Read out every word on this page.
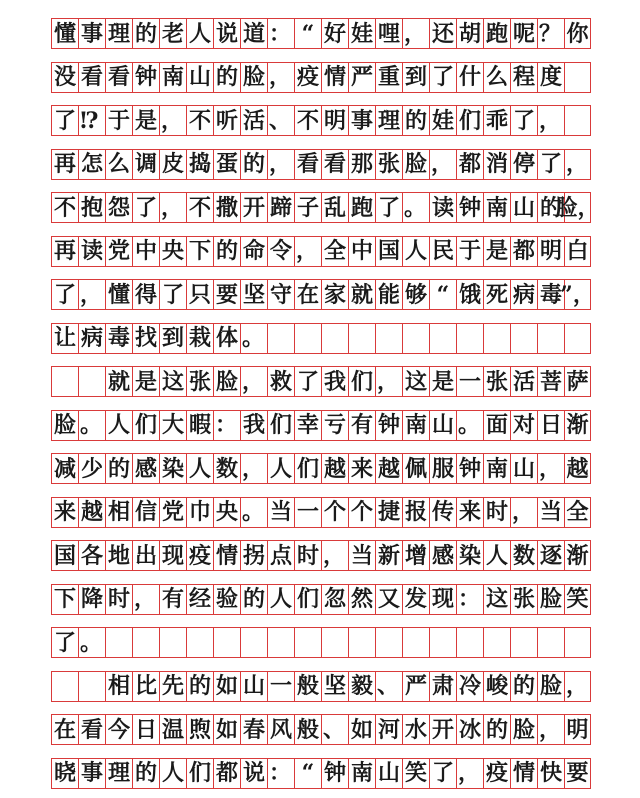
懂 事 理 的 老 人 说 道 ： “ 好 娃 哩 ， 还 胡 跑 呢 ？ 你
没 看 看 钟 南 山 的 脸 ， 疫 情 严 重 到 了 什 么 程 度
了 ⁉ 于 是 ， 不 听 活 、 不 明 事 理 的 娃 们 乖 了 ，
再 怎 么 调 皮 捣 蛋 的 ， 看 看 那 张 脸 ， 都 消 停 了 ，
不 抱 怨 了 ， 不 撒 开 蹄 子 乱 跑 了 。 读 钟 南 山 的
脸，
再 读 党 中 央 下 的 命 令 ， 全 中 国 人 民 于 是 都 明 白
了 ， 懂 得 了 只 要 坚 守 在 家 就 能 够 “ 饿 死 病 毒
”，
让 病 毒 找 到 栽 体 。
就 是 这 张 脸 ， 救 了 我 们 ， 这 是 一 张 活 菩 萨
脸 。 人 们 大 暇 ： 我 们 幸 亏 有 钟 南 山 。 面 对 日 渐
减 少 的 感 染 人 数 ， 人 们 越 来 越 佩 服 钟 南 山 ， 越
来 越 相 信 党 巾 央 。 当 一 个 个 捷 报 传 来 时 ， 当 全
国 各 地 出 现 疫 情 拐 点 时 ， 当 新 增 感 染 人 数 逐 渐
下 降 时 ， 有 经 验 的 人 们 忽 然 又 发 现 ： 这 张 脸 笑
了 。
相 比 先 的 如 山 一 般 坚 毅 、 严 肃 冷 峻 的 脸 ，
在 看 今 日 温 煦 如 春 风 般 、 如 河 水 开 冰 的 脸 ， 明
晓 事 理 的 人 们 都 说 ： “ 钟 南 山 笑 了 ， 疫 情 快 要
